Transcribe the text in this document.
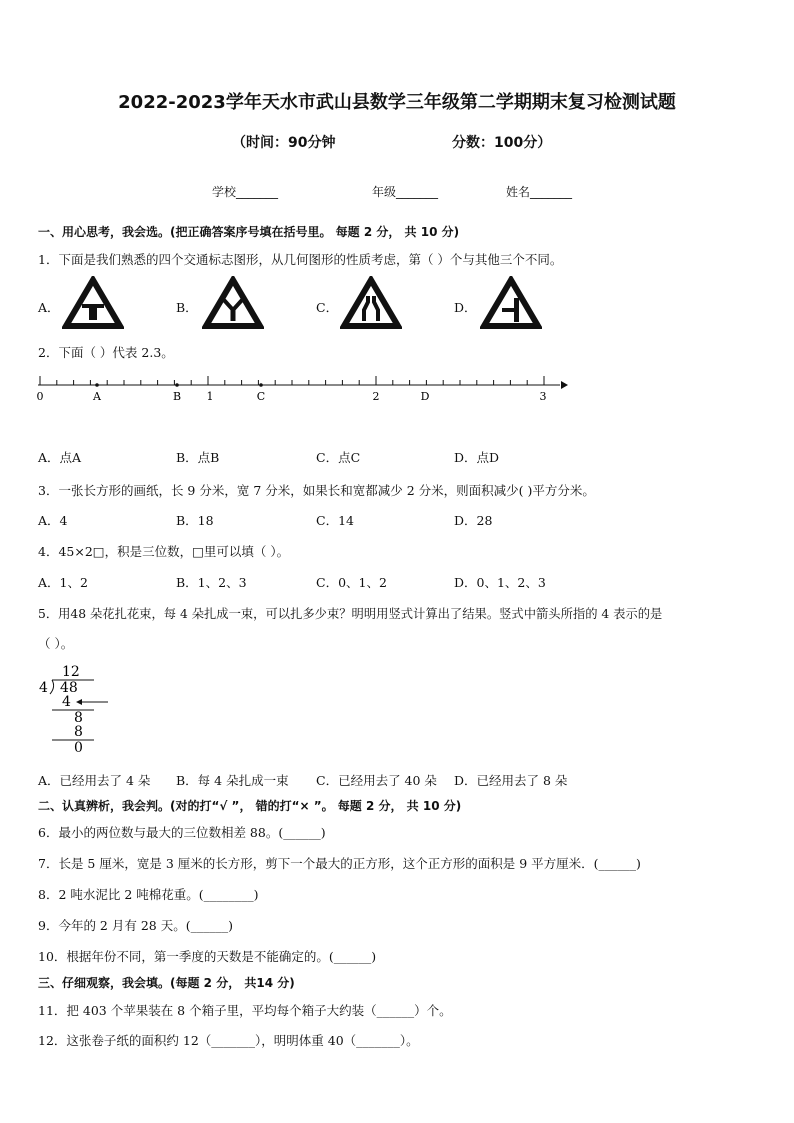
2022-2023学年天水市武山县数学三年级第二学期期末复习检测试题
（时间：90分钟	分数：100分）
学校_______	年级_______	姓名_______
一、用心思考，我会选。(把正确答案序号填在括号里。 每题 2 分， 共 10 分)
1．下面是我们熟悉的四个交通标志图形，从几何图形的性质考虑，第（ ）个与其他三个不同。
A．	B．	C．	D．
2．下面（ ）代表 2.3。
0	A	B 1	C	2	D	3
A．点A	B．点B	C．点C	D．点D
3．一张长方形的画纸，长 9 分米，宽 7 分米，如果长和宽都减少 2 分米，则面积减少( )平方分米。
A．4	B．18	C．14	D．28
4．45×2□，积是三位数，□里可以填（ ）。
A．1、2	B．1、2、3	C．0、1、2	D．0、1、2、3
5．用48 朵花扎花束，每 4 朵扎成一束，可以扎多少束？明明用竖式计算出了结果。竖式中箭头所指的 4 表示的是
（ ）。
12
4 48
4
8
8
0
A．已经用去了 4 朵 B．每 4 朵扎成一束 C．已经用去了 40 朵 D．已经用去了 8 朵
二、认真辨析，我会判。(对的打“√ ”， 错的打“× ”。 每题 2 分， 共 10 分)
6．最小的两位数与最大的三位数相差 88。(______)
7．长是 5 厘米，宽是 3 厘米的长方形，剪下一个最大的正方形，这个正方形的面积是 9 平方厘米．(______)
8．2 吨水泥比 2 吨棉花重。(________)
9．今年的 2 月有 28 天。(______)
10．根据年份不同，第一季度的天数是不能确定的。(______)
三、仔细观察，我会填。(每题 2 分， 共14 分)
11．把 403 个苹果装在 8 个箱子里，平均每个箱子大约装（______）个。
12．这张卷子纸的面积约 12（_______），明明体重 40（_______）。
